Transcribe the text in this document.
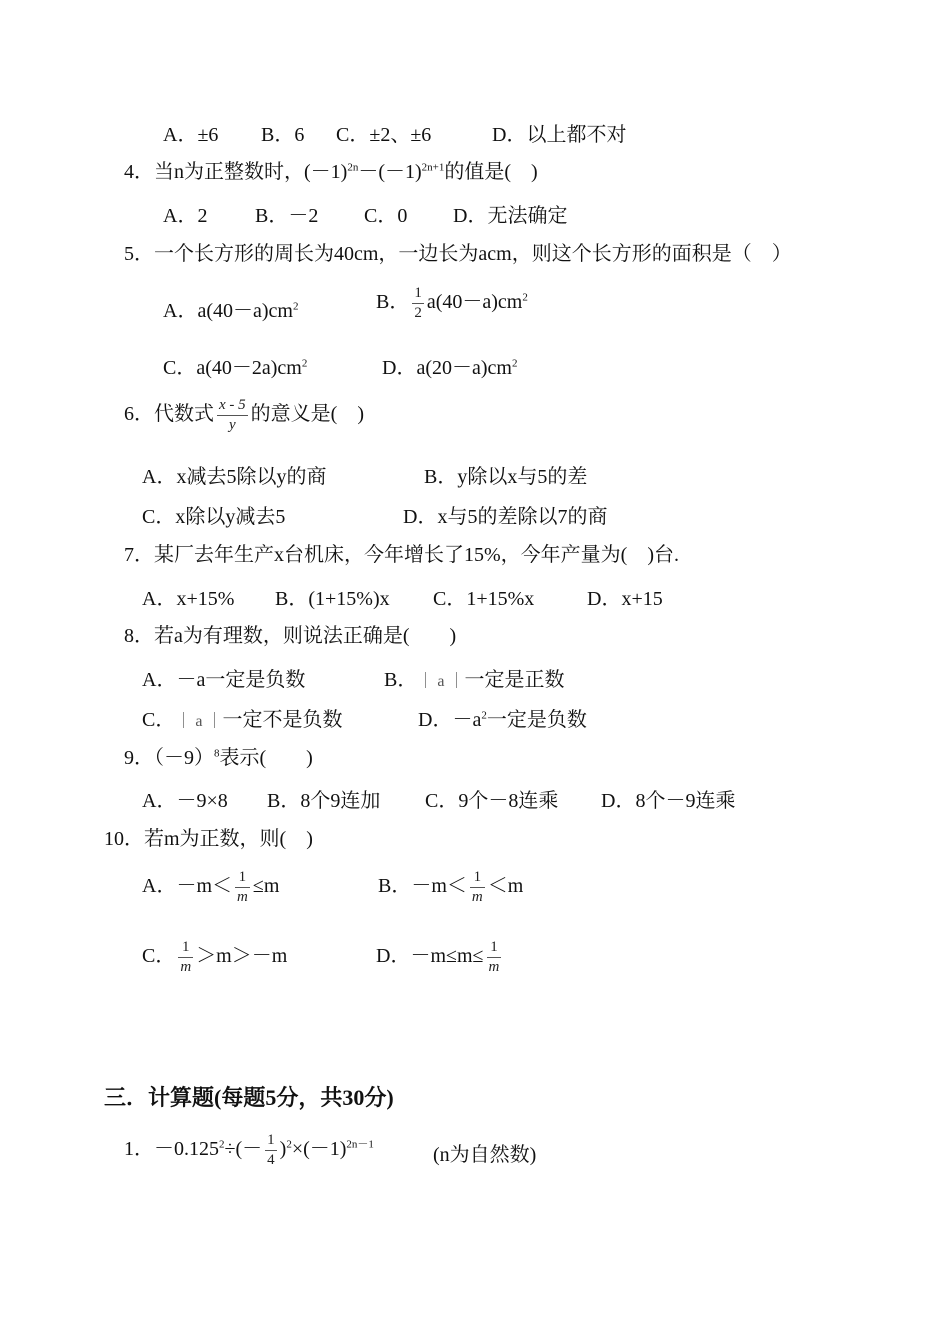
A．±6 B．6 C．±2、±6	D．以上都不对
4．当n为正整数时，$(-1)^{2n}-(-1)^{2n+1}$的值是(　)
A．2 B．－2 C．0 D．无法确定
5．一个长方形的周长为40cm，一边长为acm，则这个长方形的面积是（　）
A．$a(40-a)cm^2$	B． $\frac{1}{2} a(40-a)cm^2$
C．$a(40-2a)cm^2$	D．$a(20-a)cm^2$
6．代数式 $\frac{x - 5}{y}$ 的意义是(　)
A．x减去5除以y的商	B．y除以x与5的差
C．x除以y减去5	D．x与5的差除以7的商
7．某厂去年生产x台机床，今年增长了15%，今年产量为(　)台.
A．x+15% B．(1+15%)x C．1+15%x	D．x+15
8．若a为有理数，则说法正确是(　　)
A．－a一定是负数	B．｜ a ｜一定是正数
C．｜ a ｜一定不是负数	D．$-a^2$一定是负数
9．$(-9)^8$表示(　　)
A．－9×8 B．8个9连加 C．9个－8连乘 D．8个－9连乘
10．若m为正数，则(　)
A．$-m< \frac{1}{m} \le m$	B．$-m< \frac{1}{m} <m$
C． $\frac{1}{m} >m>-m$	D．$-m\le m\le \frac{1}{m}$
三．计算题(每题5分，共30分)
1．$-0.125^2\div(- \frac{1}{4} )^2\times(-1)^{2n-1}$	(n为自然数)
